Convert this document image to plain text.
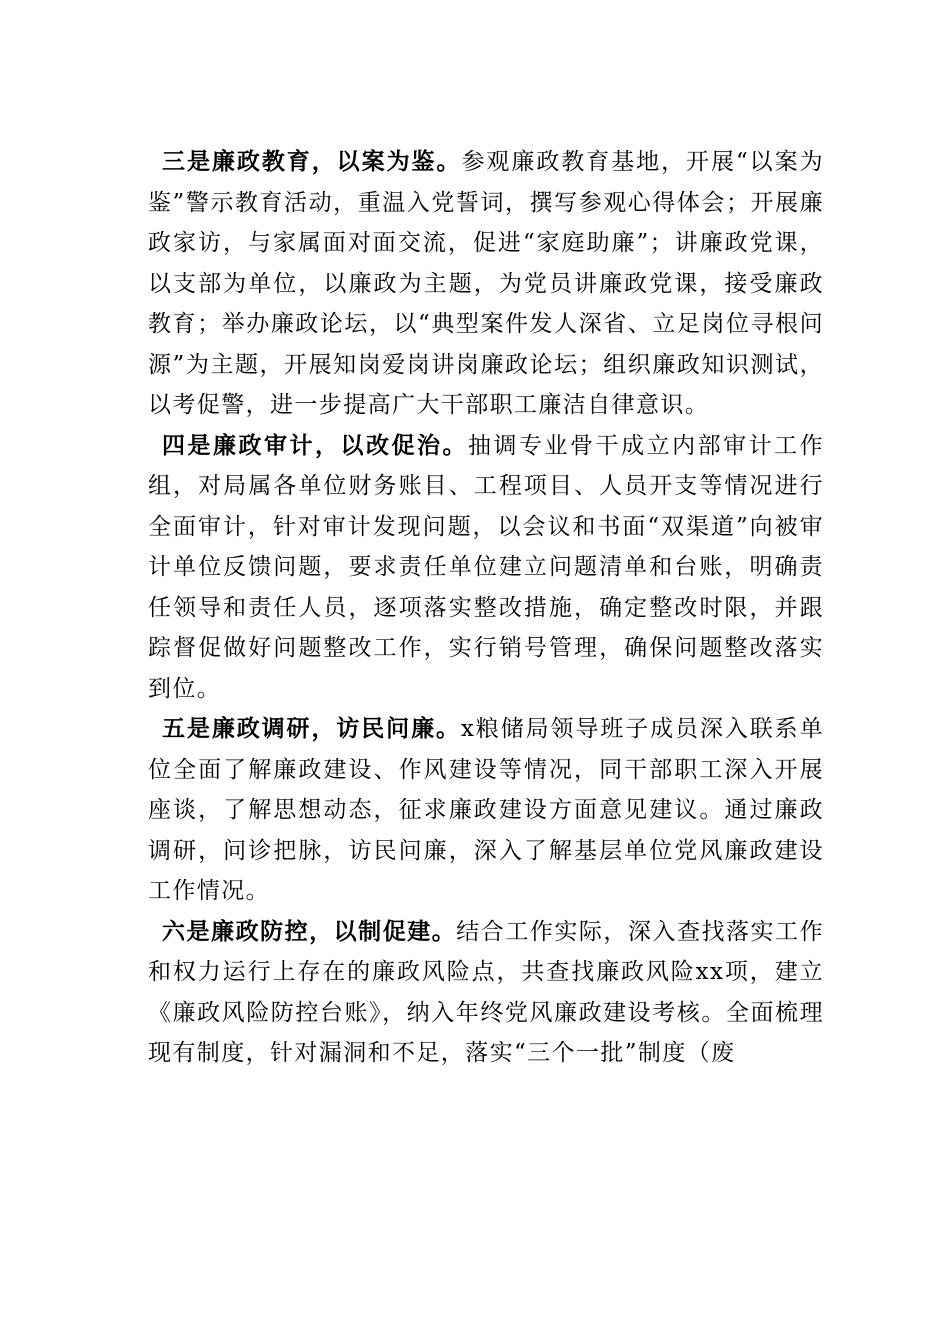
三是廉政教育，以案为鉴。参观廉政教育基地，开展“以案为鉴”警示教育活动，重温入党誓词，撰写参观心得体会；开展廉政家访，与家属面对面交流，促进“家庭助廉”；讲廉政党课，以支部为单位，以廉政为主题，为党员讲廉政党课，接受廉政教育；举办廉政论坛，以“典型案件发人深省、立足岗位寻根问源”为主题，开展知岗爱岗讲岗廉政论坛；组织廉政知识测试，以考促警，进一步提高广大干部职工廉洁自律意识。

四是廉政审计，以改促治。抽调专业骨干成立内部审计工作组，对局属各单位财务账目、工程项目、人员开支等情况进行全面审计，针对审计发现问题，以会议和书面“双渠道”向被审计单位反馈问题，要求责任单位建立问题清单和台账，明确责任领导和责任人员，逐项落实整改措施，确定整改时限，并跟踪督促做好问题整改工作，实行销号管理，确保问题整改落实到位。

五是廉政调研，访民问廉。x粮储局领导班子成员深入联系单位全面了解廉政建设、作风建设等情况，同干部职工深入开展座谈，了解思想动态，征求廉政建设方面意见建议。通过廉政调研，问诊把脉，访民问廉，深入了解基层单位党风廉政建设工作情况。

六是廉政防控，以制促建。结合工作实际，深入查找落实工作和权力运行上存在的廉政风险点，共查找廉政风险xx项，建立《廉政风险防控台账》，纳入年终党风廉政建设考核。全面梳理现有制度，针对漏洞和不足，落实“三个一批”制度（废
